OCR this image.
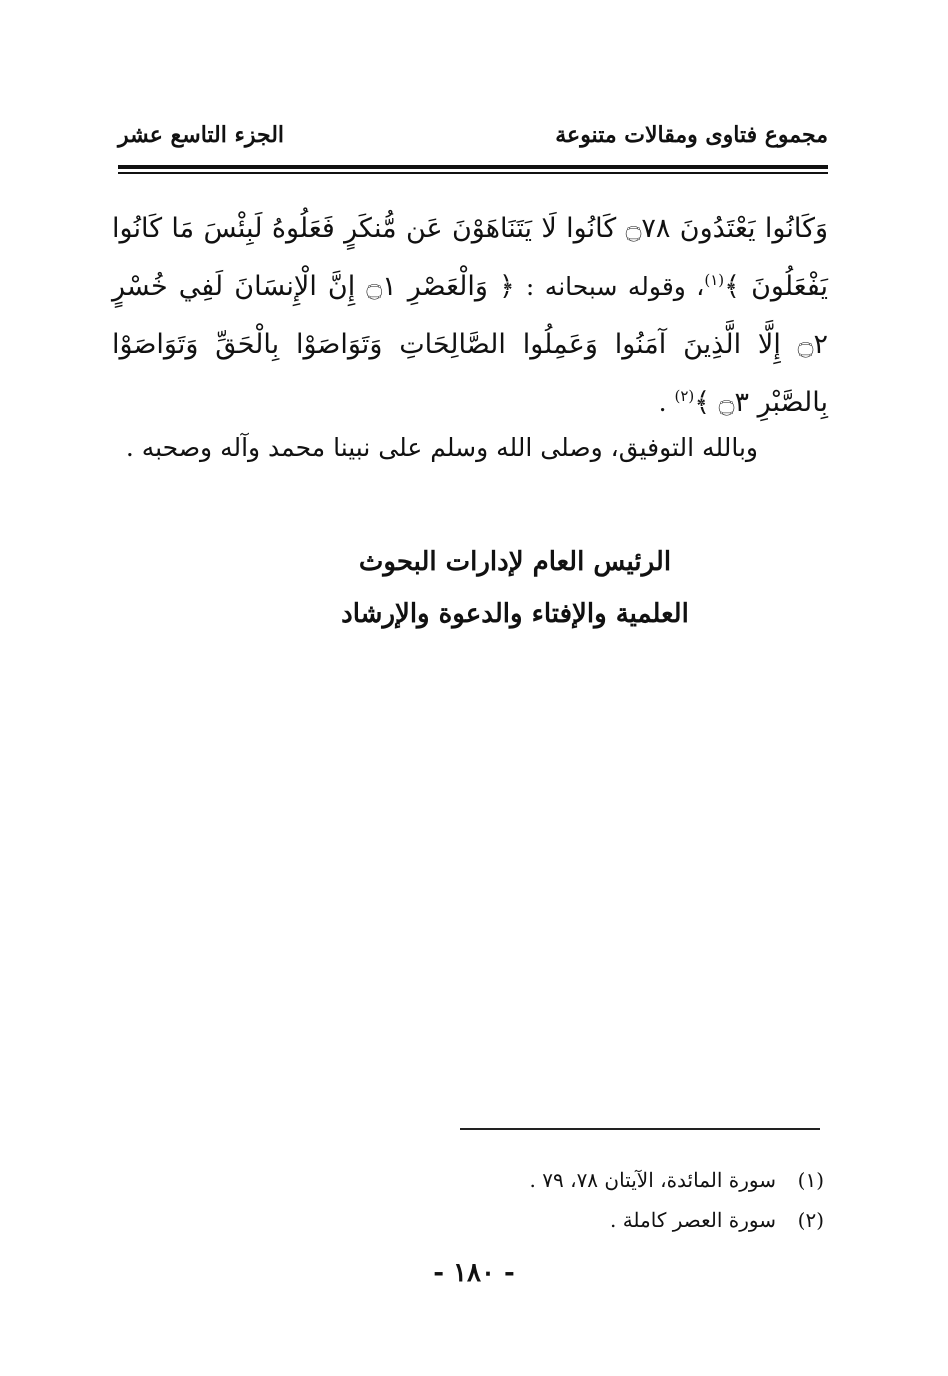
مجموع فتاوى ومقالات متنوعة
الجزء التاسع عشر
وَكَانُوا يَعْتَدُونَ ۝٧٨ كَانُوا لَا يَتَنَاهَوْنَ عَن مُّنكَرٍ فَعَلُوهُ لَبِئْسَ مَا كَانُوا يَفْعَلُونَ ﴾$^{(١)}$، وقوله سبحانه : ﴿ وَالْعَصْرِ ۝١ إِنَّ الْإِنسَانَ لَفِي خُسْرٍ ۝٢ إِلَّا الَّذِينَ آمَنُوا وَعَمِلُوا الصَّالِحَاتِ وَتَوَاصَوْا بِالْحَقِّ وَتَوَاصَوْا بِالصَّبْرِ ۝٣ ﴾$^{(٢)}$ .
وبالله التوفيق، وصلى الله وسلم على نبينا محمد وآله وصحبه .
الرئيس العام لإدارات البحوث
العلمية والإفتاء والدعوة والإرشاد
(١)سورة المائدة، الآيتان ٧٨، ٧٩ .
(٢)سورة العصر كاملة .
- ١٨٠ -
